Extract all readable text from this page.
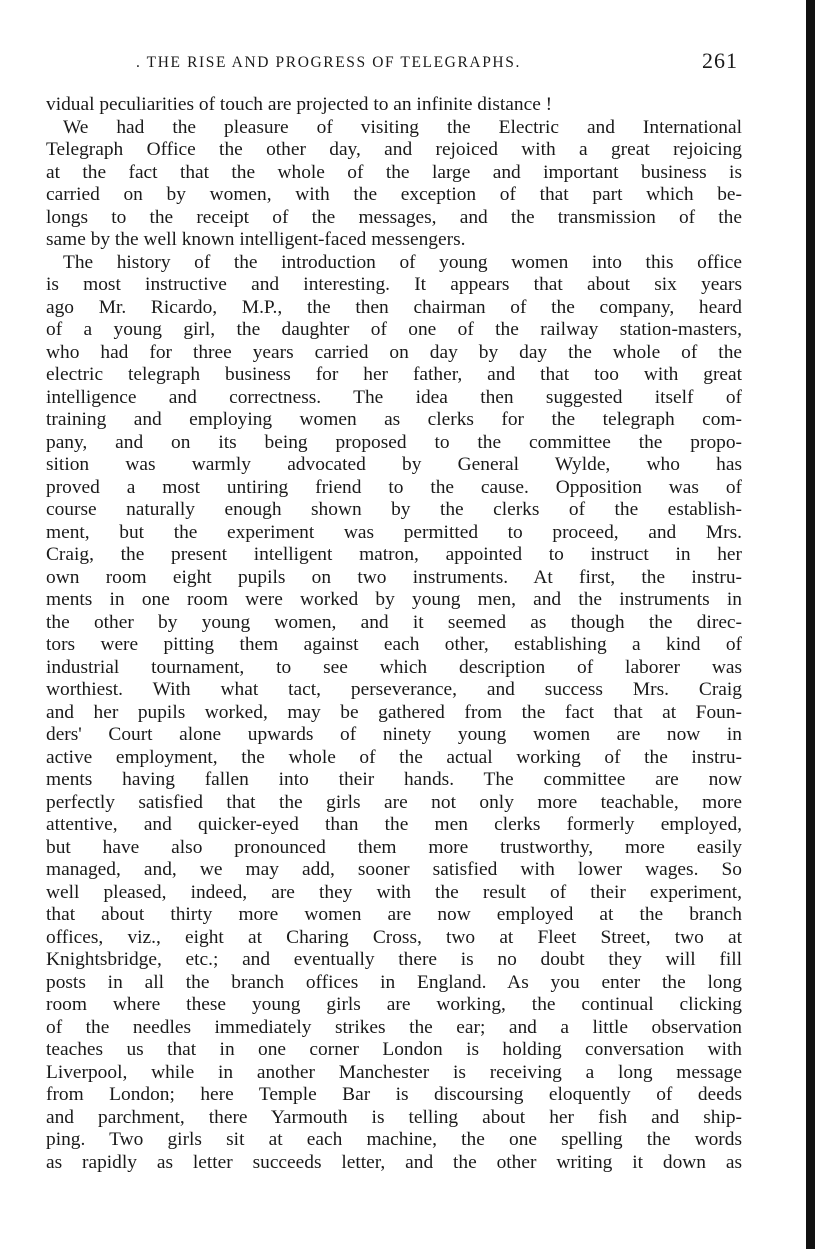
. THE RISE AND PROGRESS OF TELEGRAPHS.	261
vidual peculiarities of touch are projected to an infinite distance !
We had the pleasure of visiting the Electric and International
Telegraph Office the other day, and rejoiced with a great rejoicing
at the fact that the whole of the large and important business is
carried on by women, with the exception of that part which be-
longs to the receipt of the messages, and the transmission of the
same by the well known intelligent-faced messengers.
The history of the introduction of young women into this office
is most instructive and interesting. It appears that about six years
ago Mr. Ricardo, M.P., the then chairman of the company, heard
of a young girl, the daughter of one of the railway station-masters,
who had for three years carried on day by day the whole of the
electric telegraph business for her father, and that too with great
intelligence and correctness. The idea then suggested itself of
training and employing women as clerks for the telegraph com-
pany, and on its being proposed to the committee the propo-
sition was warmly advocated by General Wylde, who has
proved a most untiring friend to the cause. Opposition was of
course naturally enough shown by the clerks of the establish-
ment, but the experiment was permitted to proceed, and Mrs.
Craig, the present intelligent matron, appointed to instruct in her
own room eight pupils on two instruments. At first, the instru-
ments in one room were worked by young men, and the instruments in
the other by young women, and it seemed as though the direc-
tors were pitting them against each other, establishing a kind of
industrial tournament, to see which description of laborer was
worthiest. With what tact, perseverance, and success Mrs. Craig
and her pupils worked, may be gathered from the fact that at Foun-
ders' Court alone upwards of ninety young women are now in
active employment, the whole of the actual working of the instru-
ments having fallen into their hands. The committee are now
perfectly satisfied that the girls are not only more teachable, more
attentive, and quicker-eyed than the men clerks formerly employed,
but have also pronounced them more trustworthy, more easily
managed, and, we may add, sooner satisfied with lower wages. So
well pleased, indeed, are they with the result of their experiment,
that about thirty more women are now employed at the branch
offices, viz., eight at Charing Cross, two at Fleet Street, two at
Knightsbridge, etc.; and eventually there is no doubt they will fill
posts in all the branch offices in England. As you enter the long
room where these young girls are working, the continual clicking
of the needles immediately strikes the ear; and a little observation
teaches us that in one corner London is holding conversation with
Liverpool, while in another Manchester is receiving a long message
from London; here Temple Bar is discoursing eloquently of deeds
and parchment, there Yarmouth is telling about her fish and ship-
ping. Two girls sit at each machine, the one spelling the words
as rapidly as letter succeeds letter, and the other writing it down as
